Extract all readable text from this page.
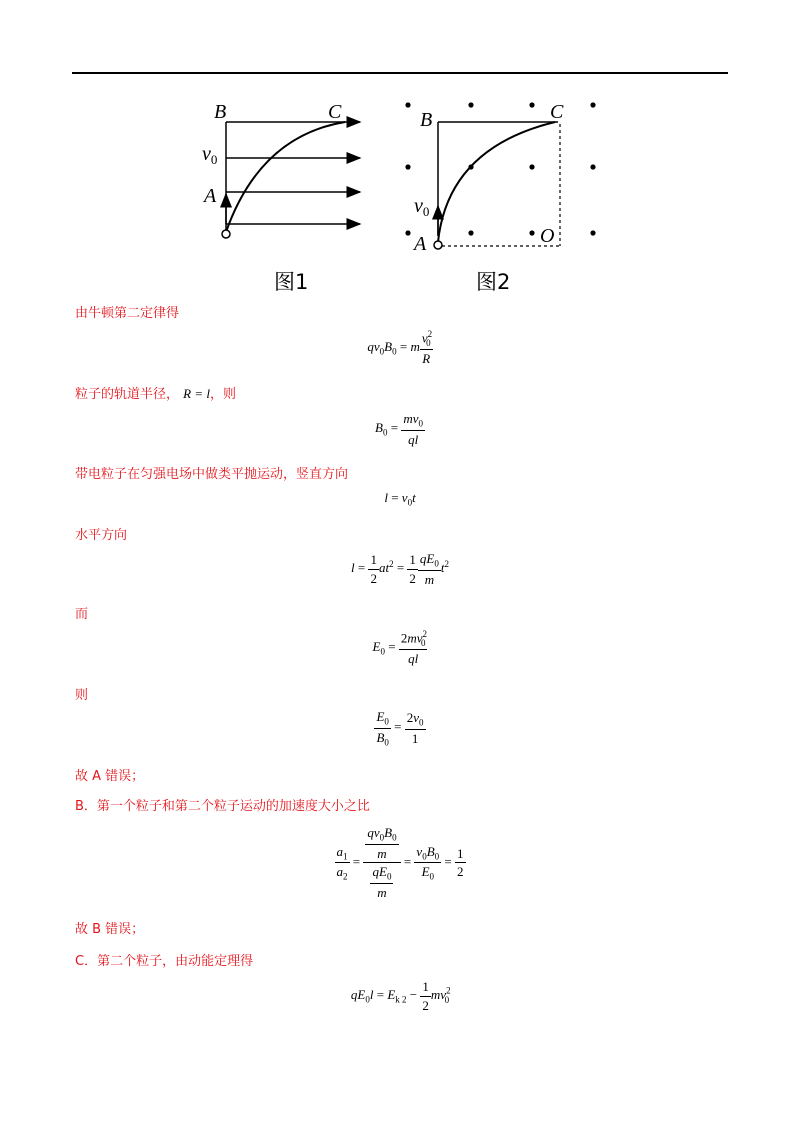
B	C
$v_0$
A
B	C
$v_0$
A	O
图1	图2
由牛顿第二定律得
$qv_0B_0 = m \frac{v^2_0}{R}$
粒子的轨道半径， R = l，则
$B_0 = \frac{mv_0}{ql}$
带电粒子在匀强电场中做类平抛运动，竖直方向
$l = v_0t$
水平方向
$l = \frac{1}{2} at^2 = \frac{1}{2} \frac{qE_0}{m} t^2$
而
$E_0 = \frac{2mv^2_0}{ql}$
则
$\frac{E_0}{B_0} = \frac{2v_0}{1}$
故 A 错误；
B．第一个粒子和第二个粒子运动的加速度大小之比
$\frac{a_1}{a_2} = \frac{\frac{qv_0B_0}{m}}{\frac{qE_0}{m}} = \frac{v_0B_0}{E_0} = \frac{1}{2}$
故 B 错误；
C．第二个粒子，由动能定理得
$qE_0l = E_{k 2} - \frac{1}{2} mv^2_0$
